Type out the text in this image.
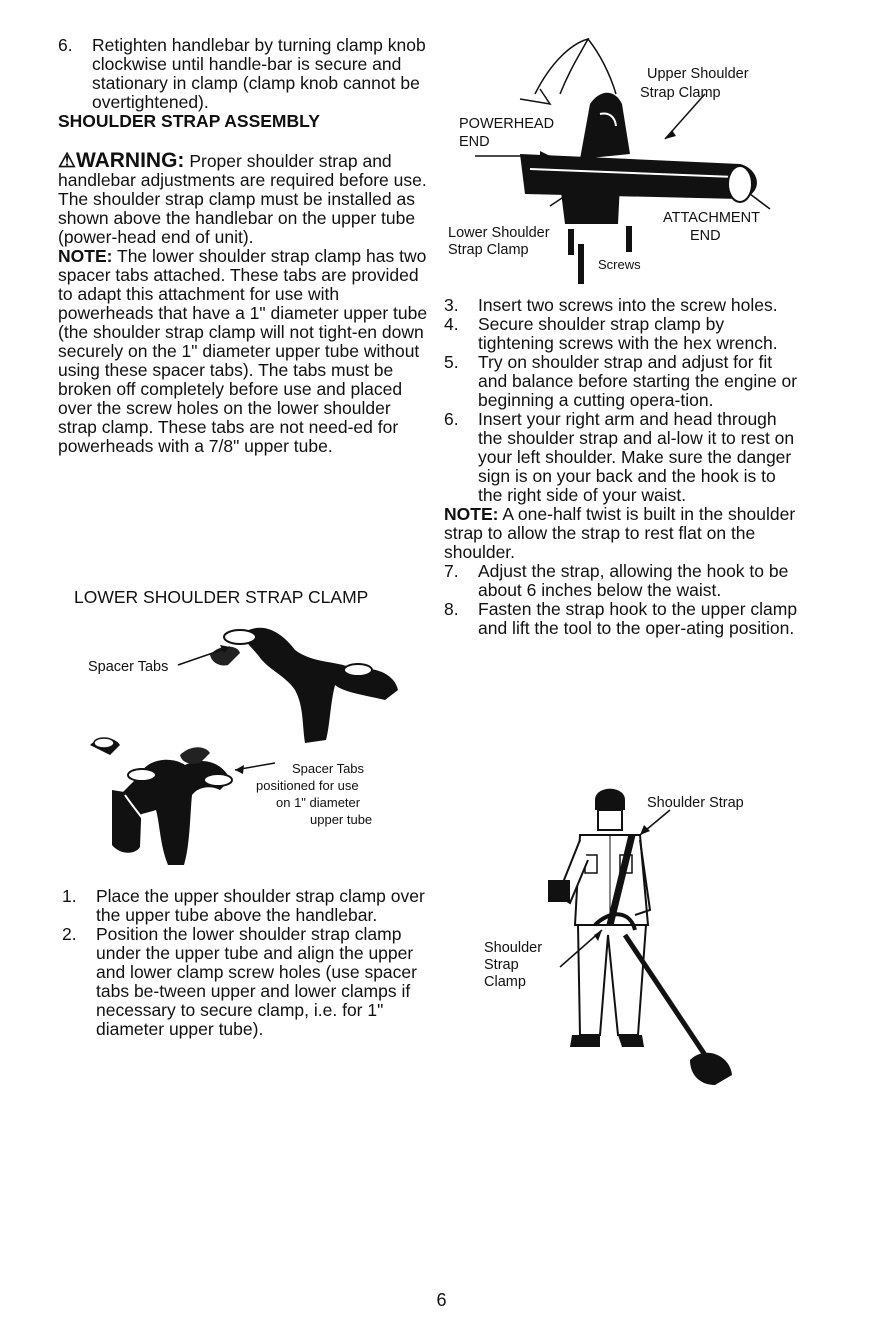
6.	Retighten handlebar by turning clamp knob clockwise until handle-bar is secure and stationary in clamp (clamp knob cannot be overtightened).
SHOULDER STRAP ASSEMBLY
⚠WARNING: Proper shoulder strap and handlebar adjustments are required before use. The shoulder strap clamp must be installed as shown above the handlebar on the upper tube (power-head end of unit).
NOTE: The lower shoulder strap clamp has two spacer tabs attached. These tabs are provided to adapt this attachment for use with powerheads that have a 1" diameter upper tube (the shoulder strap clamp will not tight-en down securely on the 1" diameter upper tube without using these spacer tabs). The tabs must be broken off completely before use and placed over the screw holes on the lower shoulder strap clamp. These tabs are not need-ed for powerheads with a 7/8" upper tube.
LOWER SHOULDER STRAP CLAMP
Spacer Tabs
Spacer Tabs
positioned for use
on 1" diameter
upper tube
1.	Place the upper shoulder strap clamp over the upper tube above the handlebar.
2.	Position the lower shoulder strap clamp under the upper tube and align the upper and lower clamp screw holes (use spacer tabs be-tween upper and lower clamps if necessary to secure clamp, i.e. for 1" diameter upper tube).
Upper Shoulder
Strap Clamp
POWERHEAD
END
Lower Shoulder
Strap Clamp
ATTACHMENT
END
Screws
3.	Insert two screws into the screw holes.
4.	Secure shoulder strap clamp by tightening screws with the hex wrench.
5.	Try on shoulder strap and adjust for fit and balance before starting the engine or beginning a cutting opera-tion.
6.	Insert your right arm and head through the shoulder strap and al-low it to rest on your left shoulder. Make sure the danger sign is on your back and the hook is to the right side of your waist.
NOTE: A one-half twist is built in the shoulder strap to allow the strap to rest flat on the shoulder.
7.	Adjust the strap, allowing the hook to be about 6 inches below the waist.
8.	Fasten the strap hook to the upper clamp and lift the tool to the oper-ating position.
Shoulder Strap
Shoulder
Strap
Clamp
6
